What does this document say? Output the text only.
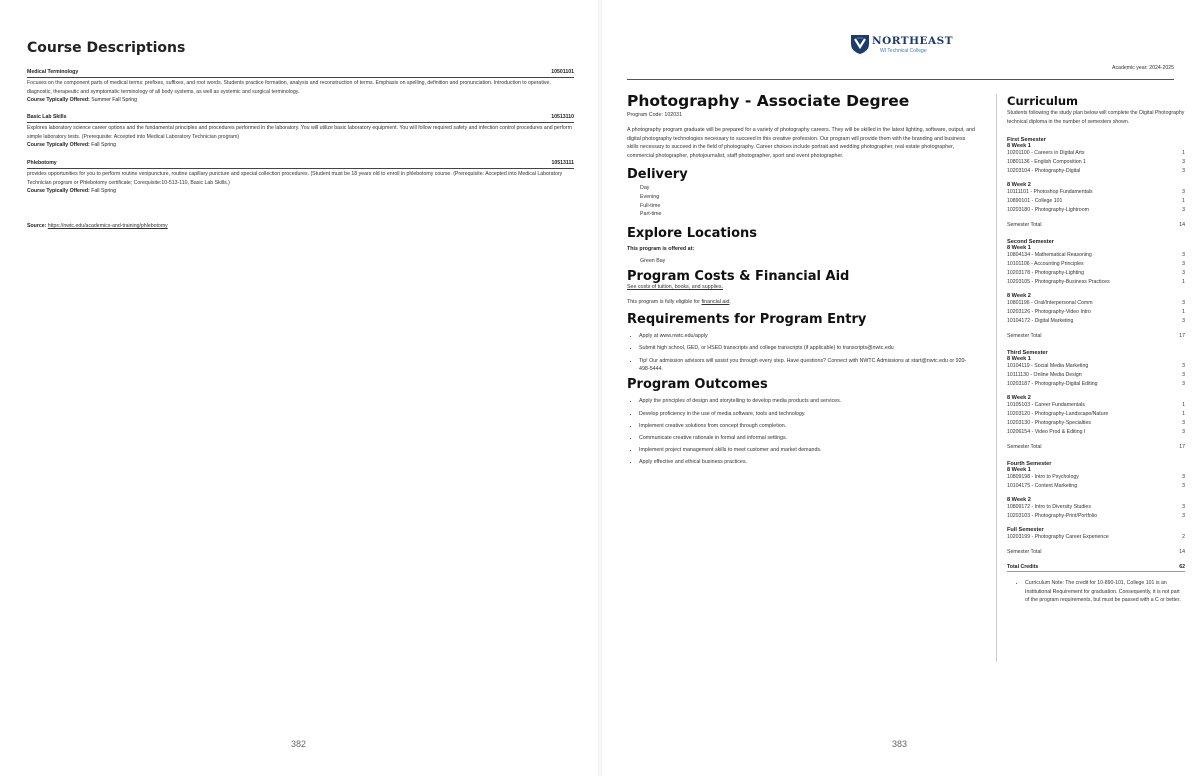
Course Descriptions
Medical Terminology	10501101
Focuses on the component parts of medical terms: prefixes, suffixes, and root words. Students practice formation, analysis and reconstruction of terms. Emphasis on spelling, definition and pronunciation. Introduction to operative, diagnostic, therapeutic and symptomatic terminology of all body systems, as well as systemic and surgical terminology.
Course Typically Offered: Summer Fall Spring
Basic Lab Skills	10513110
Explores laboratory science career options and the fundamental principles and procedures performed in the laboratory. You will utilize basic laboratory equipment. You will follow required safety and infection control procedures and perform simple laboratory tests. (Prerequisite: Accepted into Medical Laboratory Technician program)
Course Typically Offered: Fall Spring
Phlebotomy	10513111
provides opportunities for you to perform routine venipuncture, routine capillary puncture and special collection procedures. (Student must be 18 years old to enroll in phlebotomy course. (Prerequisite: Accepted into Medical Laboratory Technician program or Phlebotomy certificate; Corequisite:10-513-110, Basic Lab Skills.)
Course Typically Offered: Fall Spring
Source: https://nwtc.edu/academics-and-training/phlebotomy
382
NORTHEAST
WI Technical College
Academic year: 2024-2025
Photography - Associate Degree
Program Code: 102031
A photography program graduate will be prepared for a variety of photography careers. They will be skilled in the latest lighting, software, output, and digital photography technologies necessary to succeed in this creative profession. Our program will provide them with the branding and business skills necessary to succeed in the field of photography. Career choices include portrait and wedding photographer, real estate photographer, commercial photographer, photojournalist, staff photographer, sport and event photographer.
Delivery
Day
Evening
Full-time
Part-time
Explore Locations
This program is offered at:
Green Bay
Program Costs & Financial Aid
See costs of tuition, books, and supplies.
This program is fully eligible for financial aid.
Requirements for Program Entry
• Apply at www.nwtc.edu/apply
• Submit high school, GED, or HSED transcripts and college transcripts (if applicable) to transcripts@nwtc.edu
• Tip! Our admission advisors will assist you through every step. Have questions? Connect with NWTC Admissions at start@nwtc.edu or 920-498-5444.
Program Outcomes
• Apply the principles of design and storytelling to develop media products and services.
• Develop proficiency in the use of media software, tools and technology.
• Implement creative solutions from concept through completion.
• Communicate creative rationale in formal and informal settings.
• Implement project management skills to meet customer and market demands.
• Apply effective and ethical business practices.
Curriculum
Students following the study plan below will complete the Digital Photography technical diploma in the number of semesters shown.
First Semester
8 Week 1
10201100 - Careers in Digital Arts	1
10801136 - English Composition 1	3
10203104 - Photography-Digital	3
8 Week 2
10111101 - Photoshop Fundamentals	3
10890101 - College 101	1
10203180 - Photography-Lightroom	3
Semester Total	14
Second Semester
8 Week 1
10804134 - Mathematical Reasoning	3
10101106 - Accounting Principles	3
10203178 - Photography-Lighting	3
10203105 - Photography-Business Practices	1
8 Week 2
10801196 - Oral/Interpersonal Comm	3
10203126 - Photography-Video Intro	1
10104172 - Digital Marketing	3
Semester Total	17
Third Semester
8 Week 1
10104119 - Social Media Marketing	3
10111130 - Online Media Design	3
10203187 - Photography-Digital Editing	3
8 Week 2
10105103 - Career Fundamentals	1
10203120 - Photography-Landscape/Nature	1
10203130 - Photography-Specialties	3
10206154 - Video Prod & Editing I	3
Semester Total	17
Fourth Semester
8 Week 1
10809198 - Intro to Psychology	3
10104175 - Content Marketing	3
8 Week 2
10809172 - Intro to Diversity Studies	3
10203103 - Photography-Print/Portfolio	3
Full Semester
10203199 - Photography Career Experience	2
Semester Total	14
Total Credits	62
• Curriculum Note: The credit for 10-890-101, College 101 is an Institutional Requirement for graduation. Consequently, it is not part of the program requirements, but must be passed with a C or better.
383
